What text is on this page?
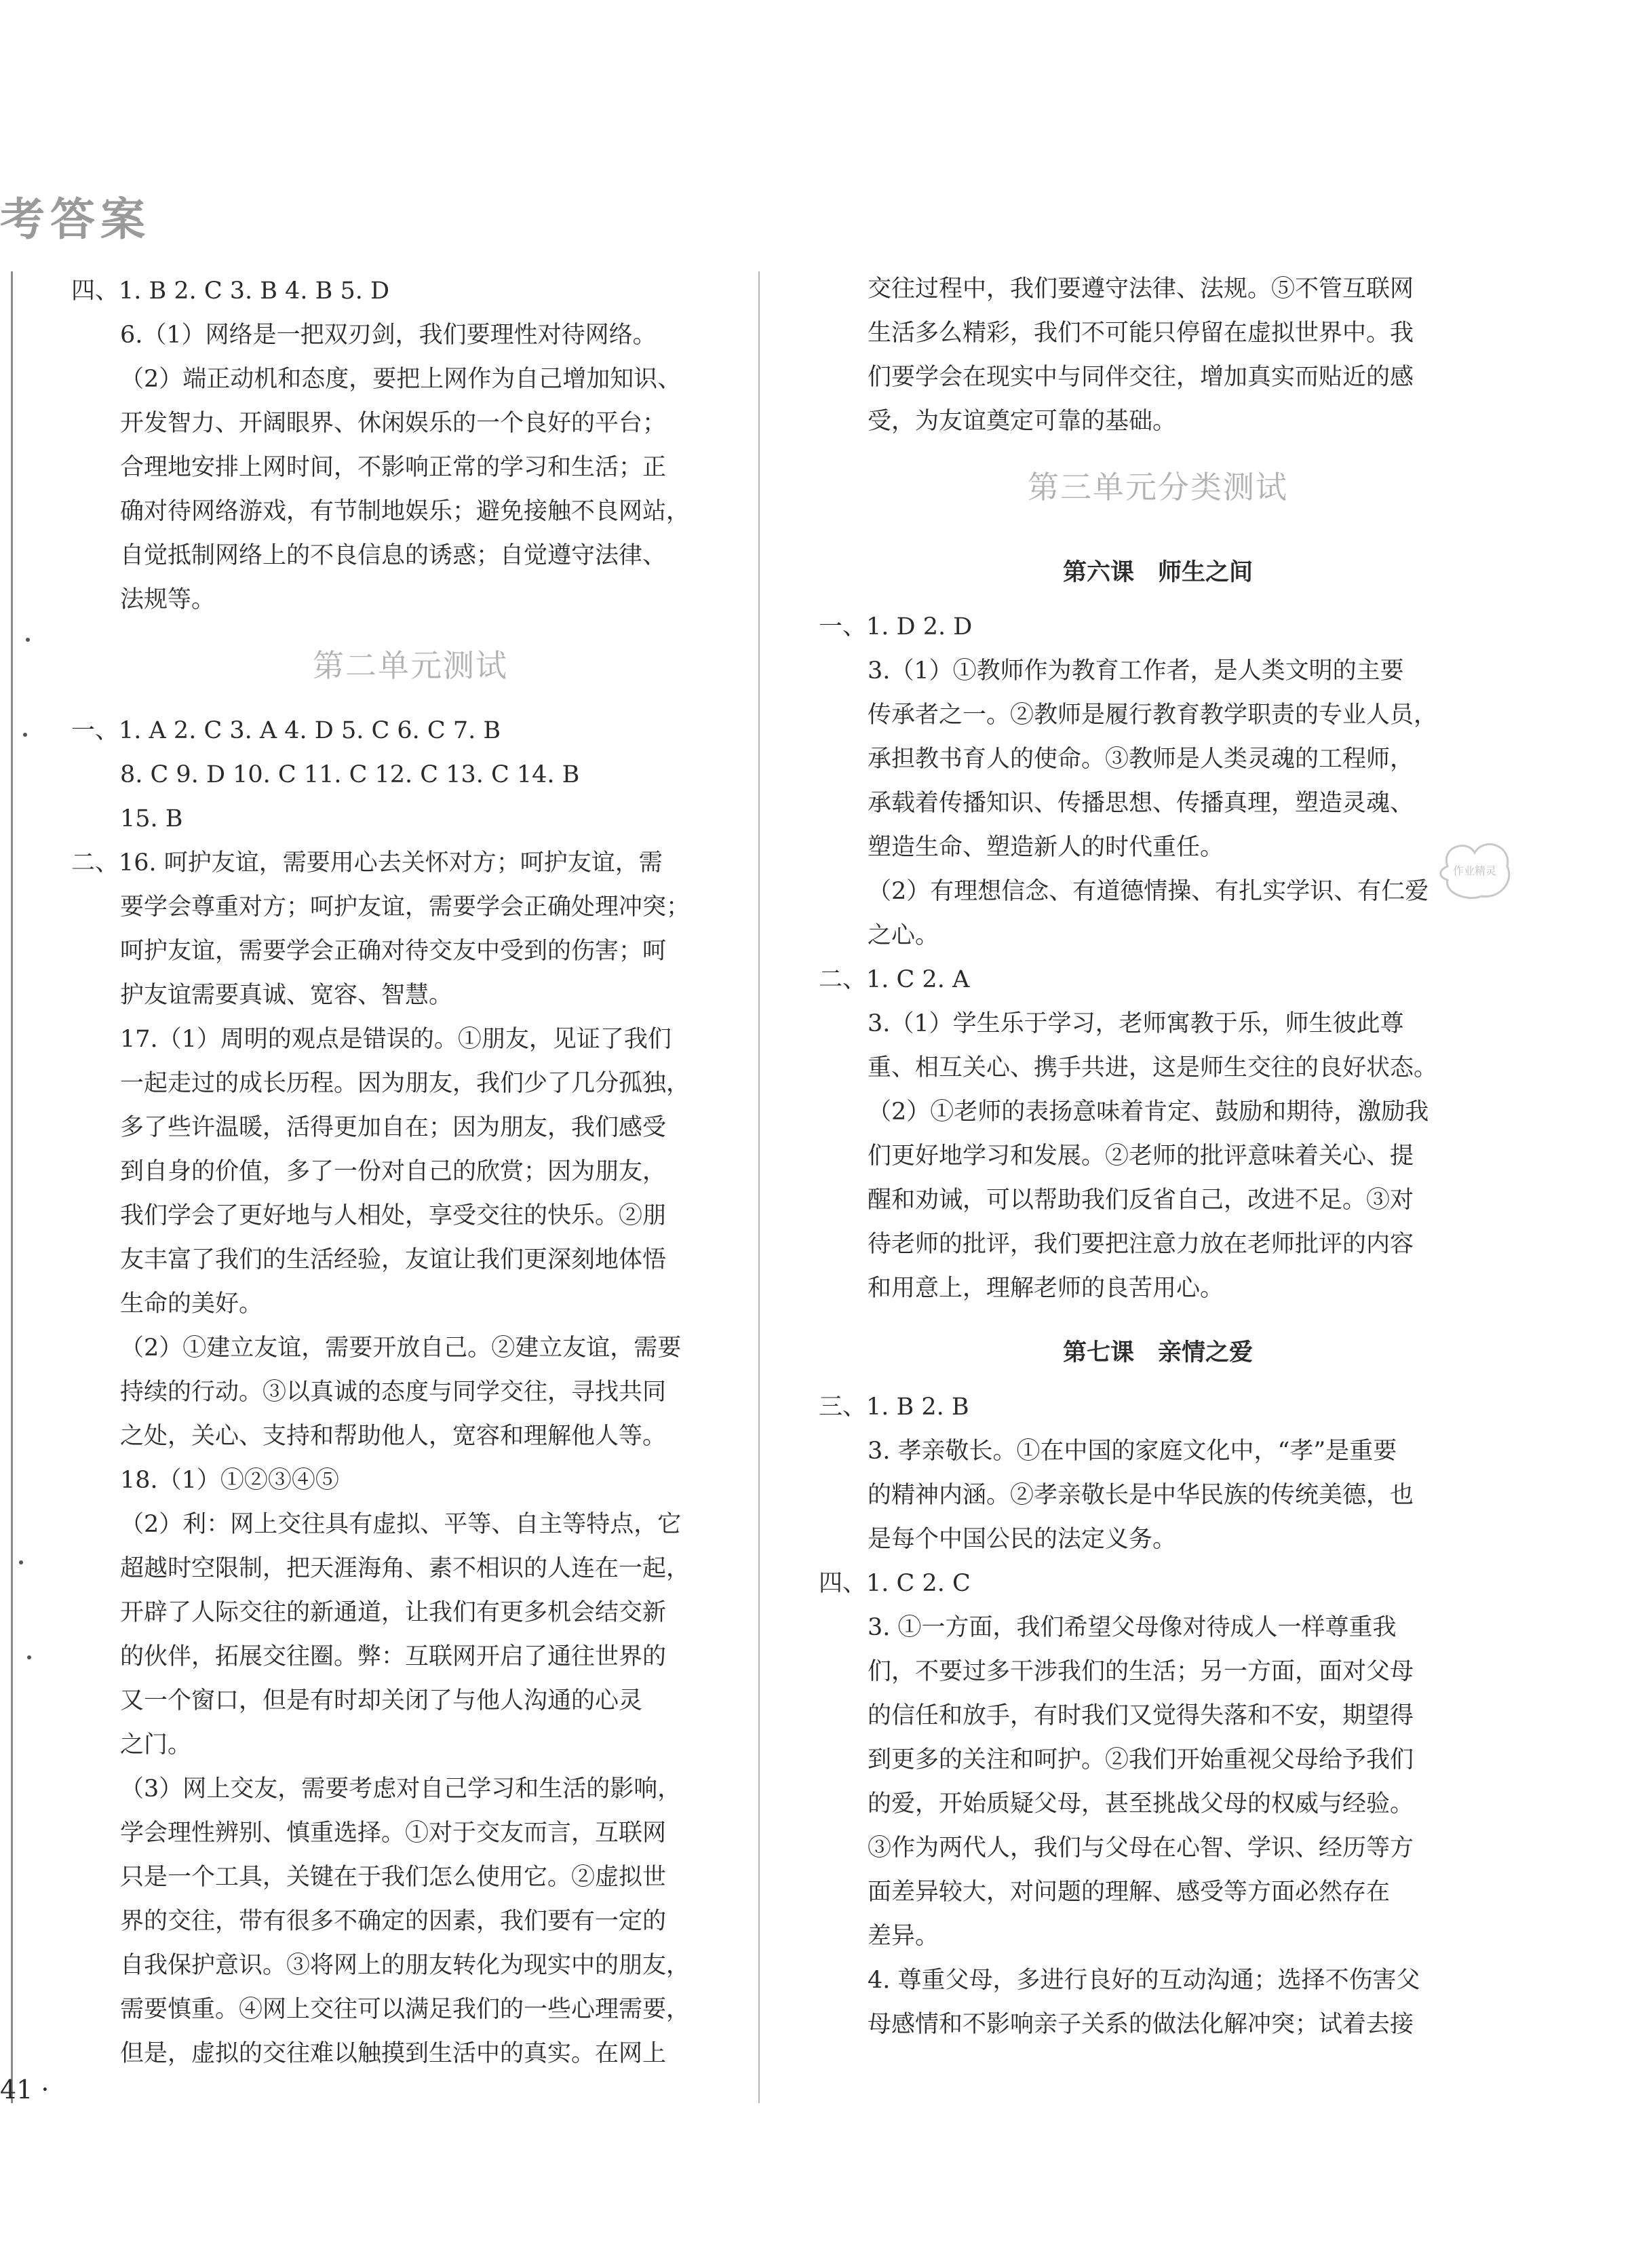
考答案

四、1. B 2. C 3. B 4. B 5. D

6.（1）网络是一把双刃剑，我们要理性对待网络。

（2）端正动机和态度，要把上网作为自己增加知识、

开发智力、开阔眼界、休闲娱乐的一个良好的平台；

合理地安排上网时间，不影响正常的学习和生活；正

确对待网络游戏，有节制地娱乐；避免接触不良网站，

自觉抵制网络上的不良信息的诱惑；自觉遵守法律、

法规等。

第二单元测试

一、1. A 2. C 3. A 4. D 5. C 6. C 7. B

8. C 9. D 10. C 11. C 12. C 13. C 14. B

15. B

二、16. 呵护友谊，需要用心去关怀对方；呵护友谊，需

要学会尊重对方；呵护友谊，需要学会正确处理冲突；

呵护友谊，需要学会正确对待交友中受到的伤害；呵

护友谊需要真诚、宽容、智慧。

17.（1）周明的观点是错误的。①朋友，见证了我们

一起走过的成长历程。因为朋友，我们少了几分孤独，

多了些许温暖，活得更加自在；因为朋友，我们感受

到自身的价值，多了一份对自己的欣赏；因为朋友，

我们学会了更好地与人相处，享受交往的快乐。②朋

友丰富了我们的生活经验，友谊让我们更深刻地体悟

生命的美好。

（2）①建立友谊，需要开放自己。②建立友谊，需要

持续的行动。③以真诚的态度与同学交往，寻找共同

之处，关心、支持和帮助他人，宽容和理解他人等。

18.（1）①②③④⑤

（2）利：网上交往具有虚拟、平等、自主等特点，它

超越时空限制，把天涯海角、素不相识的人连在一起，

开辟了人际交往的新通道，让我们有更多机会结交新

的伙伴，拓展交往圈。弊：互联网开启了通往世界的

又一个窗口，但是有时却关闭了与他人沟通的心灵

之门。

（3）网上交友，需要考虑对自己学习和生活的影响，

学会理性辨别、慎重选择。①对于交友而言，互联网

只是一个工具，关键在于我们怎么使用它。②虚拟世

界的交往，带有很多不确定的因素，我们要有一定的

自我保护意识。③将网上的朋友转化为现实中的朋友，

需要慎重。④网上交往可以满足我们的一些心理需要，

但是，虚拟的交往难以触摸到生活中的真实。在网上

交往过程中，我们要遵守法律、法规。⑤不管互联网

生活多么精彩，我们不可能只停留在虚拟世界中。我

们要学会在现实中与同伴交往，增加真实而贴近的感

受，为友谊奠定可靠的基础。

第三单元分类测试
第六课　师生之间

一、1. D 2. D

3.（1）①教师作为教育工作者，是人类文明的主要

传承者之一。②教师是履行教育教学职责的专业人员，

承担教书育人的使命。③教师是人类灵魂的工程师，

承载着传播知识、传播思想、传播真理，塑造灵魂、

塑造生命、塑造新人的时代重任。

（2）有理想信念、有道德情操、有扎实学识、有仁爱

之心。

二、1. C 2. A

3.（1）学生乐于学习，老师寓教于乐，师生彼此尊

重、相互关心、携手共进，这是师生交往的良好状态。

（2）①老师的表扬意味着肯定、鼓励和期待，激励我

们更好地学习和发展。②老师的批评意味着关心、提

醒和劝诫，可以帮助我们反省自己，改进不足。③对

待老师的批评，我们要把注意力放在老师批评的内容

和用意上，理解老师的良苦用心。

第七课　亲情之爱

三、1. B 2. B

3. 孝亲敬长。①在中国的家庭文化中，“孝”是重要

的精神内涵。②孝亲敬长是中华民族的传统美德，也

是每个中国公民的法定义务。

四、1. C 2. C

3. ①一方面，我们希望父母像对待成人一样尊重我

们，不要过多干涉我们的生活；另一方面，面对父母

的信任和放手，有时我们又觉得失落和不安，期望得

到更多的关注和呵护。②我们开始重视父母给予我们

的爱，开始质疑父母，甚至挑战父母的权威与经验。

③作为两代人，我们与父母在心智、学识、经历等方

面差异较大，对问题的理解、感受等方面必然存在

差异。

4. 尊重父母，多进行良好的互动沟通；选择不伤害父

母感情和不影响亲子关系的做法化解冲突；试着去接

作业精灵
41 ·
